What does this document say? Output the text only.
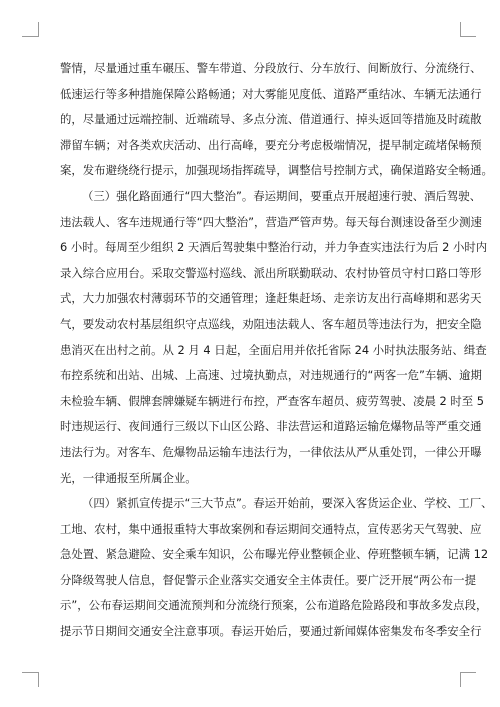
警情，尽量通过重车碾压、警车带道、分段放行、分车放行、间断放行、分流绕行、
低速运行等多种措施保障公路畅通；对大雾能见度低、道路严重结冰、车辆无法通行
的，尽量通过远端控制、近端疏导、多点分流、借道通行、掉头返回等措施及时疏散
滞留车辆；对各类欢庆活动、出行高峰，要充分考虑极端情况，提早制定疏堵保畅预
案，发布避绕绕行提示，加强现场指挥疏导，调整信号控制方式，确保道路安全畅通。

（三）强化路面通行“四大整治”。春运期间，要重点开展超速行驶、酒后驾驶、
违法载人、客车违规通行等“四大整治”，营造严管声势。每天每台测速设备至少测速
6 小时。每周至少组织 2 天酒后驾驶集中整治行动，并力争查实违法行为后 2 小时内
录入综合应用台。采取交警巡村巡线、派出所联勤联动、农村协管员守村口路口等形
式，大力加强农村薄弱环节的交通管理；逢赶集赶场、走亲访友出行高峰期和恶劣天
气，要发动农村基层组织守点巡线，劝阻违法载人、客车超员等违法行为，把安全隐
患消灭在出村之前。从 2 月 4 日起，全面启用并依托省际 24 小时执法服务站、缉查
布控系统和出站、出城、上高速、过境执勤点，对违规通行的“两客一危”车辆、逾期
未检验车辆、假牌套牌嫌疑车辆进行布控，严查客车超员、疲劳驾驶、凌晨 2 时至 5
时违规运行、夜间通行三级以下山区公路、非法营运和道路运输危爆物品等严重交通
违法行为。对客车、危爆物品运输车违法行为，一律依法从严从重处罚，一律公开曝
光，一律通报至所属企业。

（四）紧抓宣传提示“三大节点”。春运开始前，要深入客货运企业、学校、工厂、
工地、农村，集中通报重特大事故案例和春运期间交通特点，宣传恶劣天气驾驶、应
急处置、紧急避险、安全乘车知识，公布曝光停业整顿企业、停班整顿车辆，记满 12
分降级驾驶人信息，督促警示企业落实交通安全主体责任。要广泛开展“两公布一提
示”，公布春运期间交通流预判和分流绕行预案，公布道路危险路段和事故多发点段，
提示节日期间交通安全注意事项。春运开始后，要通过新闻媒体密集发布冬季安全行
